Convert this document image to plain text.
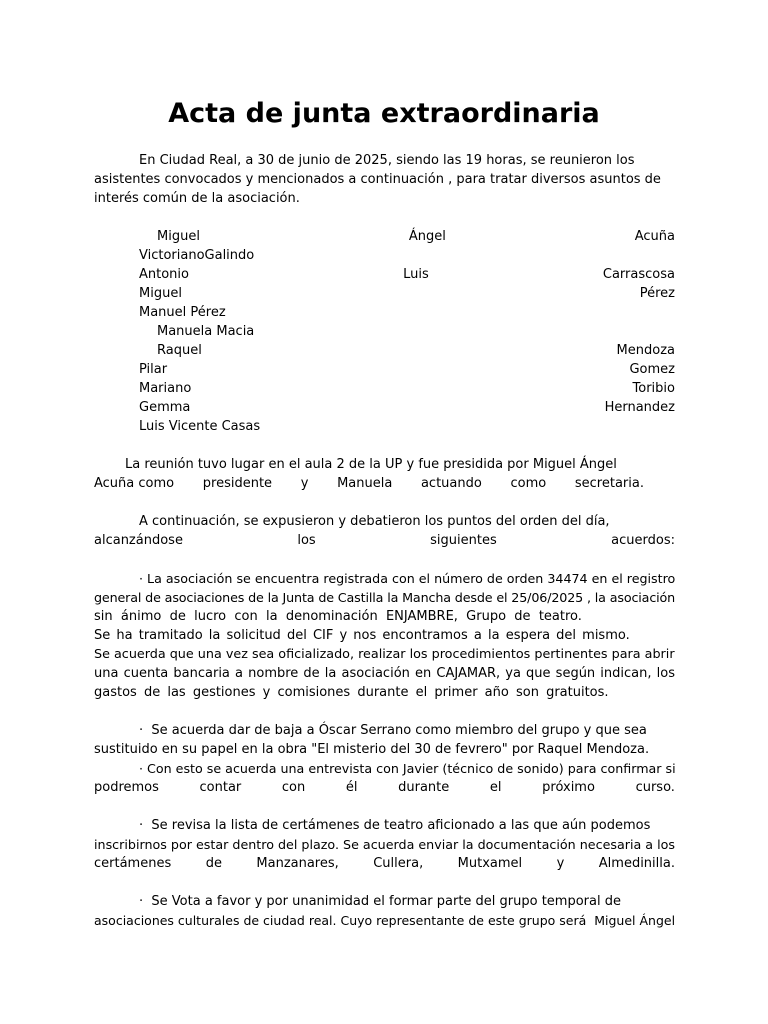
Acta de junta extraordinaria
En Ciudad Real, a 30 de junio de 2025, siendo las 19 horas, se reunieron los
asistentes convocados y mencionados a continuación , para tratar diversos asuntos de
interés común de la asociación.
Miguel	Ángel	Acuña
VictorianoGalindo
Antonio	Luis	Carrascosa
Miguel	Pérez
Manuel Pérez
Manuela Macia
Raquel	Mendoza
Pilar	Gomez
Mariano	Toribio
Gemma	Hernandez
Luis Vicente Casas
La reunión tuvo lugar en el aula 2 de la UP y fue presidida por Miguel Ángel
Acuña como presidente y Manuela actuando como secretaria.
A continuación, se expusieron y debatieron los puntos del orden del día,
alcanzándose	los	siguientes	acuerdos:
· La asociación se encuentra registrada con el número de orden 34474 en el registro
general de asociaciones de la Junta de Castilla la Mancha desde el 25/06/2025 , la asociación
sin  ánimo  de  lucro  con  la  denominación  ENJAMBRE,  Grupo  de  teatro.
Se ha tramitado la solicitud del CIF y nos encontramos a la espera del mismo.
Se acuerda que una vez sea oficializado, realizar los procedimientos pertinentes para abrir
una cuenta bancaria a nombre de la asociación en CAJAMAR, ya que según indican, los
gastos de las gestiones y comisiones durante el primer año son gratuitos.
·  Se acuerda dar de baja a Óscar Serrano como miembro del grupo y que sea
sustituido en su papel en la obra "El misterio del 30 de fevrero" por Raquel Mendoza.
· Con esto se acuerda una entrevista con Javier (técnico de sonido) para confirmar si
podremos	contar	con	él	durante	el	próximo	curso.
·  Se revisa la lista de certámenes de teatro aficionado a las que aún podemos
inscribirnos por estar dentro del plazo. Se acuerda enviar la documentación necesaria a los
certámenes	de	Manzanares,	Cullera,	Mutxamel	y	Almedinilla.
·  Se Vota a favor y por unanimidad el formar parte del grupo temporal de
asociaciones culturales de ciudad real. Cuyo representante de este grupo será  Miguel Ángel
